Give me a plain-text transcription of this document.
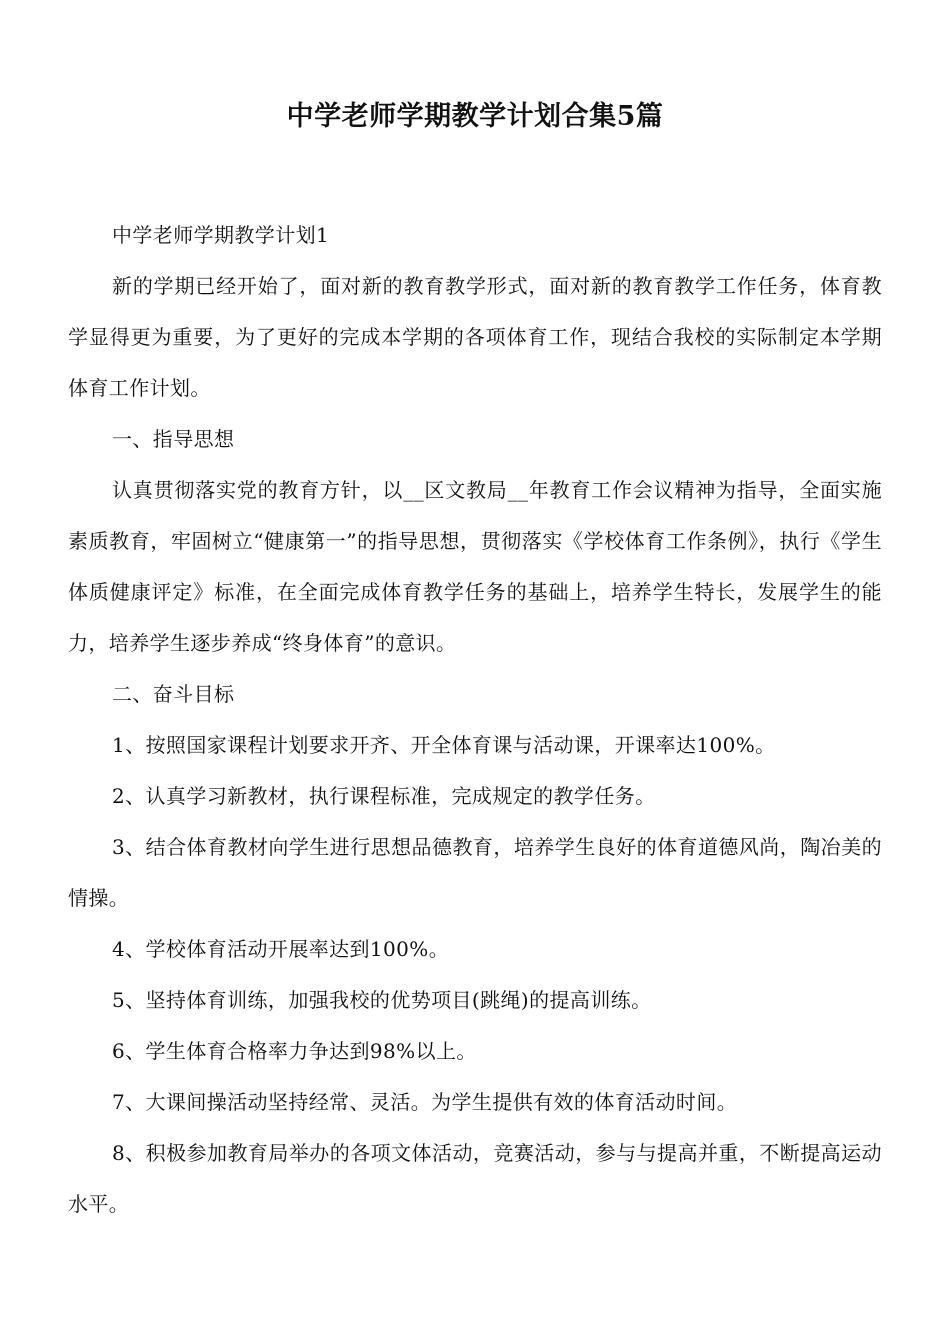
中学老师学期教学计划合集5篇

中学老师学期教学计划1

新的学期已经开始了，面对新的教育教学形式，面对新的教育教学工作任务，体育教学显得更为重要，为了更好的完成本学期的各项体育工作，现结合我校的实际制定本学期体育工作计划。

一、指导思想

认真贯彻落实党的教育方针，以__区文教局__年教育工作会议精神为指导，全面实施素质教育，牢固树立“健康第一”的指导思想，贯彻落实《学校体育工作条例》，执行《学生体质健康评定》标准，在全面完成体育教学任务的基础上，培养学生特长，发展学生的能力，培养学生逐步养成“终身体育”的意识。

二、奋斗目标

1、按照国家课程计划要求开齐、开全体育课与活动课，开课率达100%。

2、认真学习新教材，执行课程标准，完成规定的教学任务。

3、结合体育教材向学生进行思想品德教育，培养学生良好的体育道德风尚，陶冶美的情操。

4、学校体育活动开展率达到100%。

5、坚持体育训练，加强我校的优势项目(跳绳)的提高训练。

6、学生体育合格率力争达到98%以上。

7、大课间操活动坚持经常、灵活。为学生提供有效的体育活动时间。

8、积极参加教育局举办的各项文体活动，竞赛活动，参与与提高并重，不断提高运动水平。
